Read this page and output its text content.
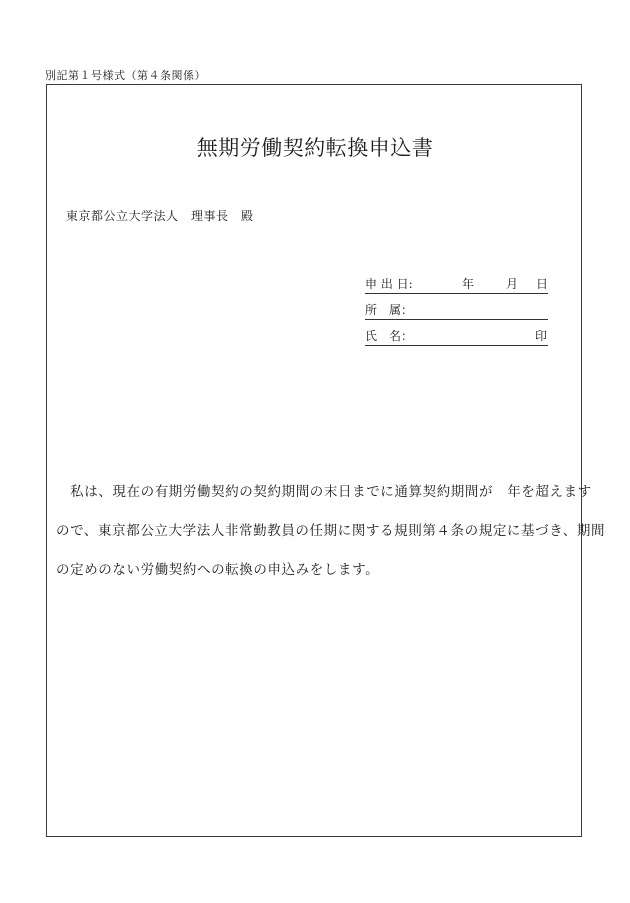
別記第１号様式（第４条関係）
無期労働契約転換申込書
東京都公立大学法人　理事長　殿
申 出 日:	年	月 日
所　属：
氏　名：	印
　私は、現在の有期労働契約の契約期間の末日までに通算契約期間が　年を超えます
ので、東京都公立大学法人非常勤教員の任期に関する規則第４条の規定に基づき、期間
の定めのない労働契約への転換の申込みをします。
